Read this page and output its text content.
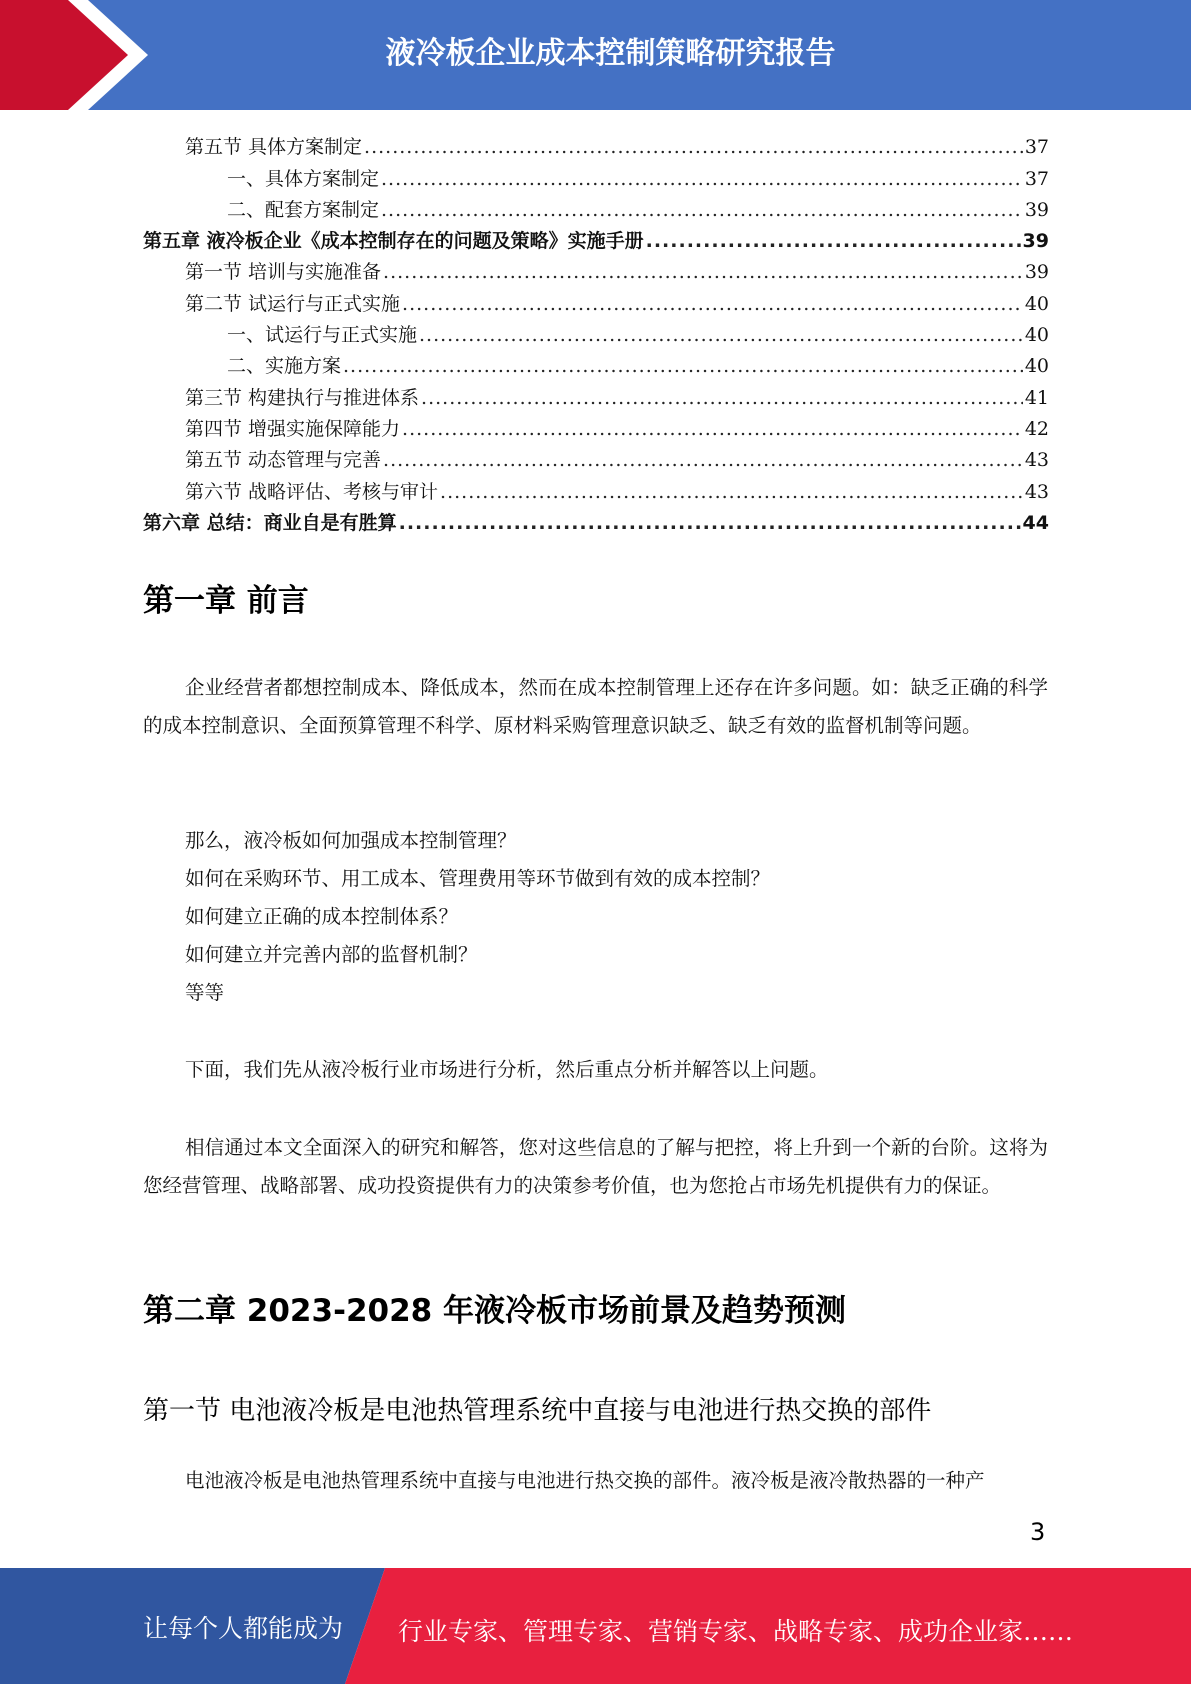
液冷板企业成本控制策略研究报告
第五节 具体方案制定 .....	37
一、具体方案制定 .....	37
二、配套方案制定 .....	39
第五章 液冷板企业《成本控制存在的问题及策略》实施手册 .....	39
第一节 培训与实施准备 .....	39
第二节 试运行与正式实施 .....	40
一、试运行与正式实施 .....	40
二、实施方案 .....	40
第三节 构建执行与推进体系 .....	41
第四节 增强实施保障能力 .....	42
第五节 动态管理与完善 .....	43
第六节 战略评估、考核与审计 .....	43
第六章 总结：商业自是有胜算 .....	44
第一章 前言

企业经营者都想控制成本、降低成本，然而在成本控制管理上还存在许多问题。如：缺乏正确的科学的成本控制意识、全面预算管理不科学、原材料采购管理意识缺乏、缺乏有效的监督机制等问题。

那么，液冷板如何加强成本控制管理？

如何在采购环节、用工成本、管理费用等环节做到有效的成本控制？

如何建立正确的成本控制体系？

如何建立并完善内部的监督机制？

等等

下面，我们先从液冷板行业市场进行分析，然后重点分析并解答以上问题。

相信通过本文全面深入的研究和解答，您对这些信息的了解与把控，将上升到一个新的台阶。这将为您经营管理、战略部署、成功投资提供有力的决策参考价值，也为您抢占市场先机提供有力的保证。

第二章 2023-2028 年液冷板市场前景及趋势预测
第一节 电池液冷板是电池热管理系统中直接与电池进行热交换的部件

电池液冷板是电池热管理系统中直接与电池进行热交换的部件。液冷板是液冷散热器的一种产

3
让每个人都能成为 行业专家、管理专家、营销专家、战略专家、成功企业家……
